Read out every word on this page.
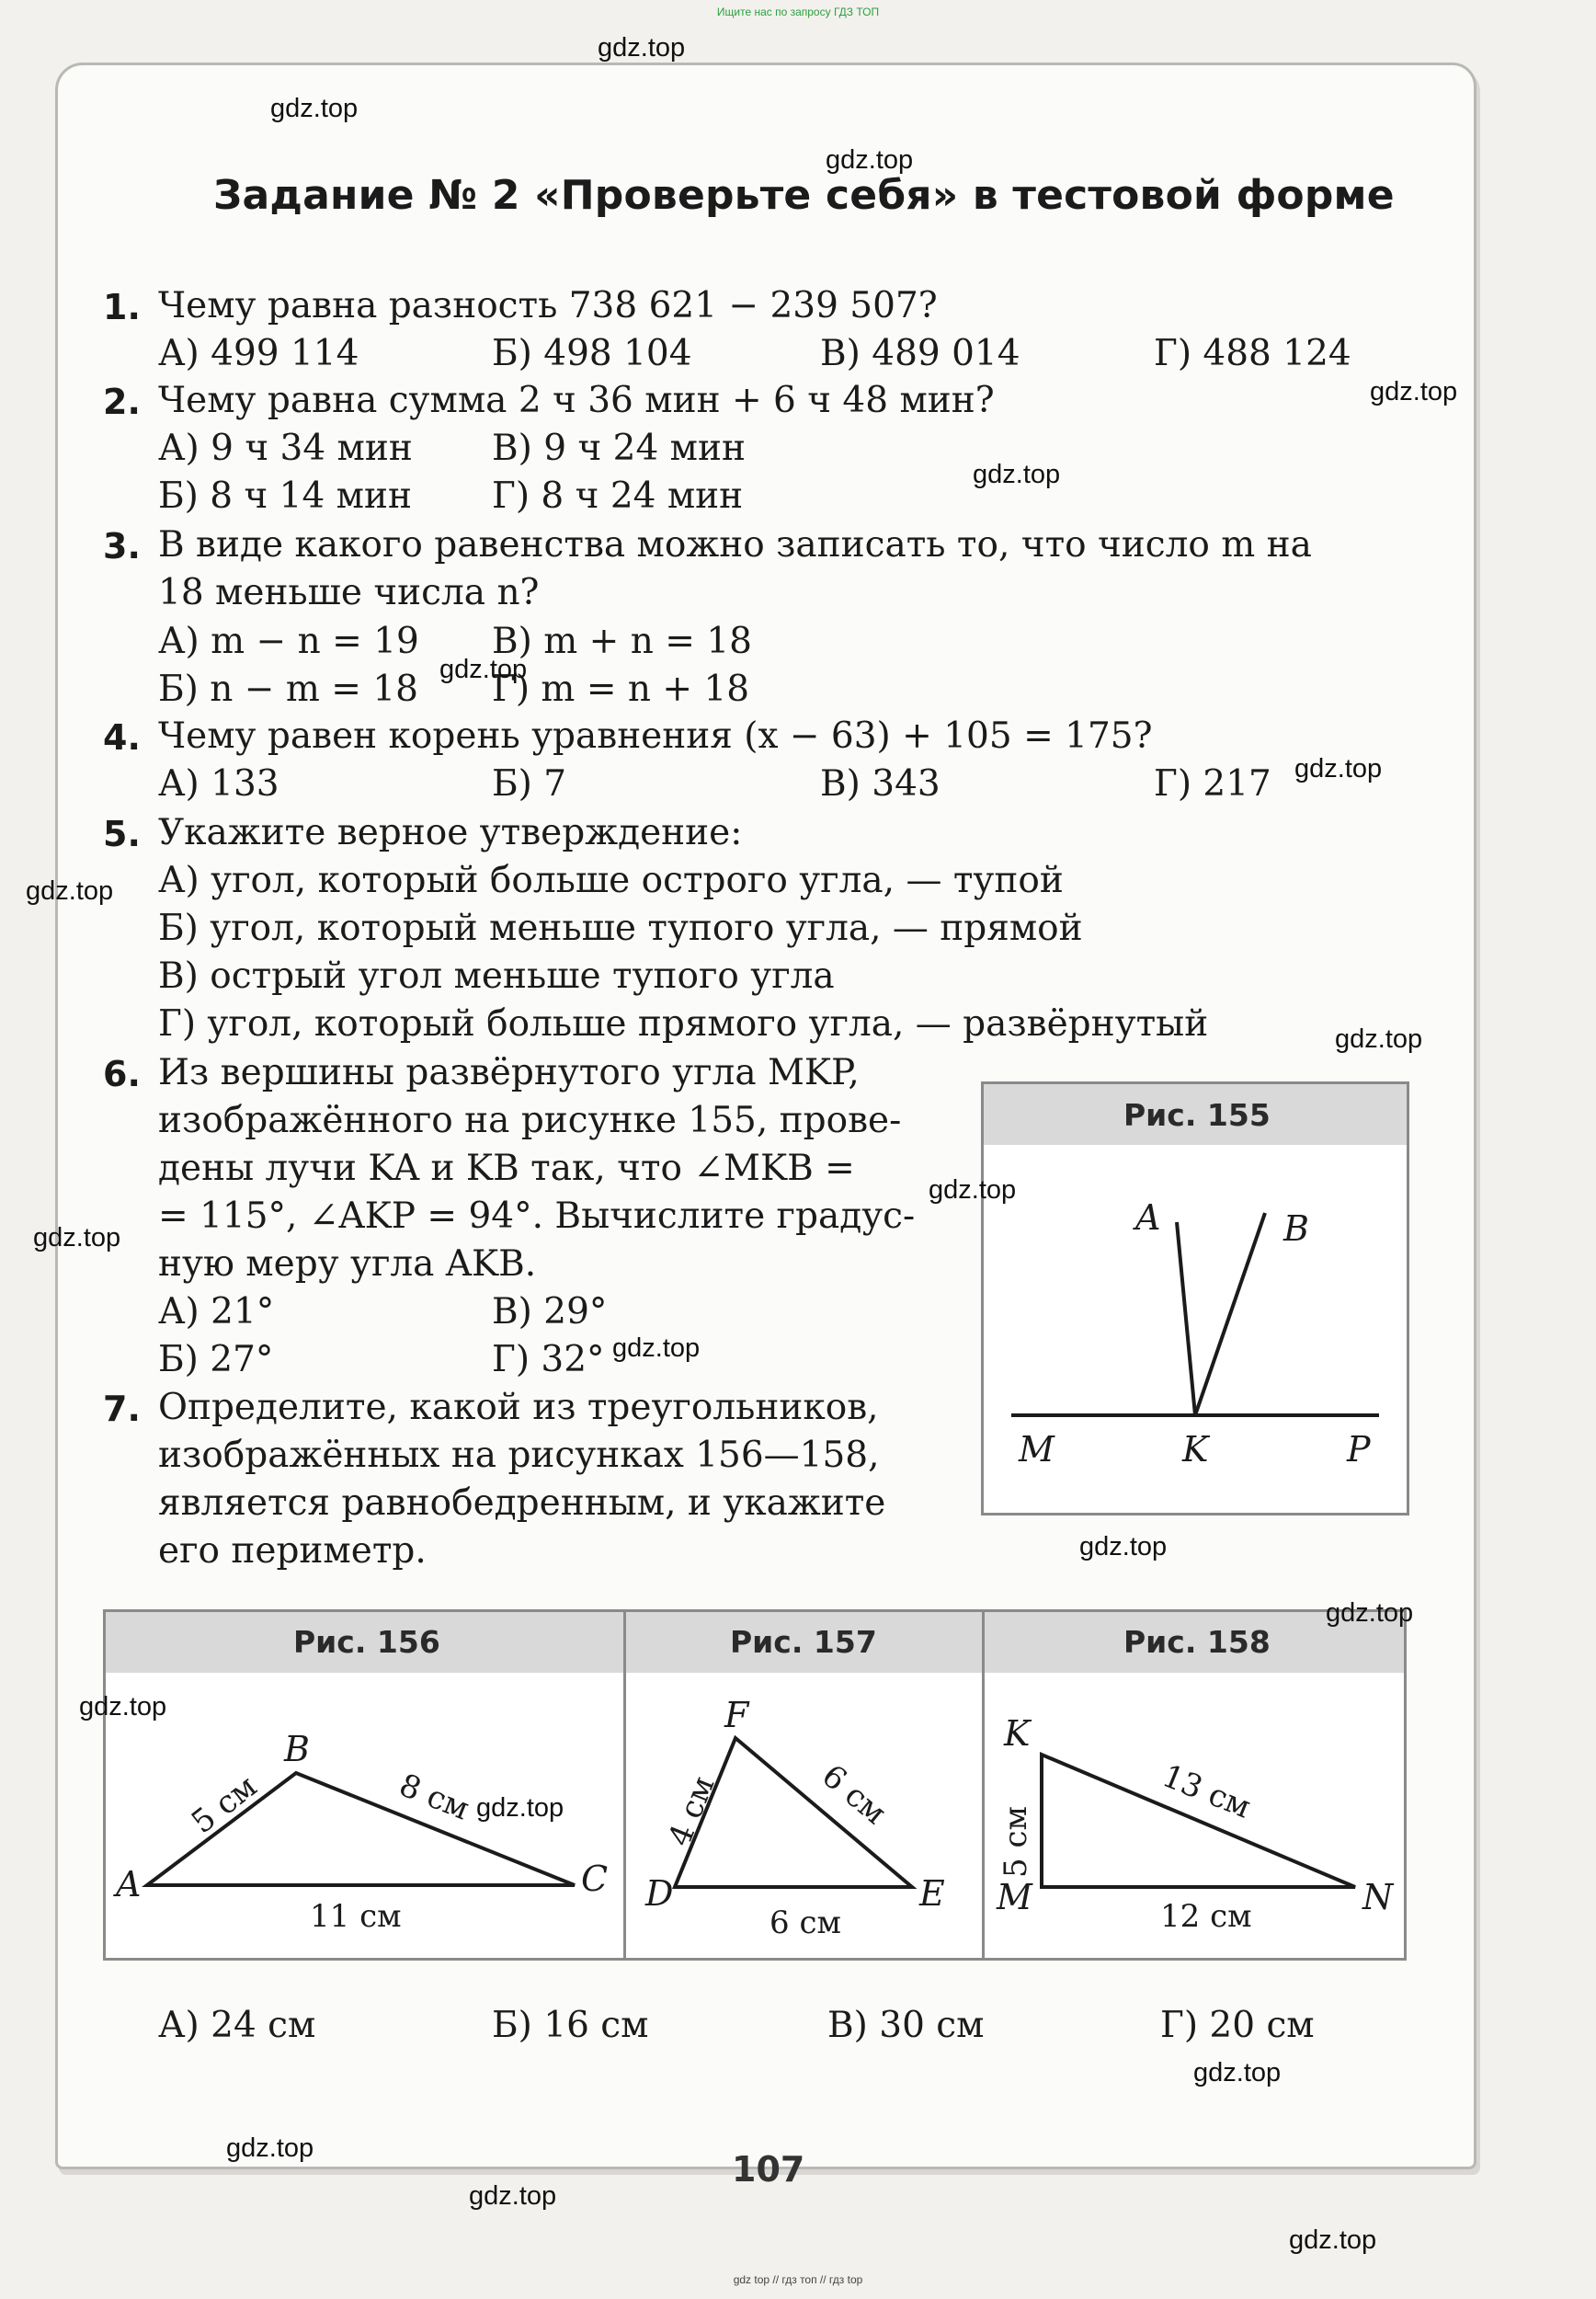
Ищите нас по запросу ГДЗ ТОП
Задание № 2 «Проверьте себя» в тестовой форме
1. Чему равна разность 738 621 − 239 507?
А) 499 114	Б) 498 104	В) 489 014	Г) 488 124
2. Чему равна сумма 2 ч 36 мин + 6 ч 48 мин?
А) 9 ч 34 мин В) 9 ч 24 мин
Б) 8 ч 14 мин Г) 8 ч 24 мин
3. В виде какого равенства можно записать то, что число m на
18 меньше числа n?
А) m − n = 19 В) m + n = 18
Б) n − m = 18 Г) m = n + 18
4. Чему равен корень уравнения (x − 63) + 105 = 175?
А) 133	Б) 7	В) 343	Г) 217
5. Укажите верное утверждение:
А) угол, который больше острого угла, — тупой
Б) угол, который меньше тупого угла, — прямой
В) острый угол меньше тупого угла
Г) угол, который больше прямого угла, — развёрнутый
6. Из вершины развёрнутого угла MKP,
изображённого на рисунке 155, прове-
дены лучи KA и KB так, что ∠MKB =
= 115°, ∠AKP = 94°. Вычислите градус-
ную меру угла AKB.
А) 21°	В) 29°
Б) 27°	Г) 32°
Рис. 155
A	B
M	K	P
7. Определите, какой из треугольников,
изображённых на рисунках 156—158,
является равнобедренным, и укажите
его периметр.
Рис. 156	Рис. 157	Рис. 158
A
B
C
5 см	8 см
11 см
F
D	E
4 см	6 см
6 см
K
M	N
5 см
13 см
12 см
А) 24 см	Б) 16 см	В) 30 см	Г) 20 см
107
gdz.top
gdz.top
gdz.top
gdz.top
gdz.top
gdz.top
gdz.top
gdz.top
gdz.top
gdz.top
gdz.top
gdz.top
gdz.top
gdz.top
gdz.top
gdz.top
gdz.top
gdz.top
gdz.top
gdz.top
gdz top // гдз топ // гдз top
